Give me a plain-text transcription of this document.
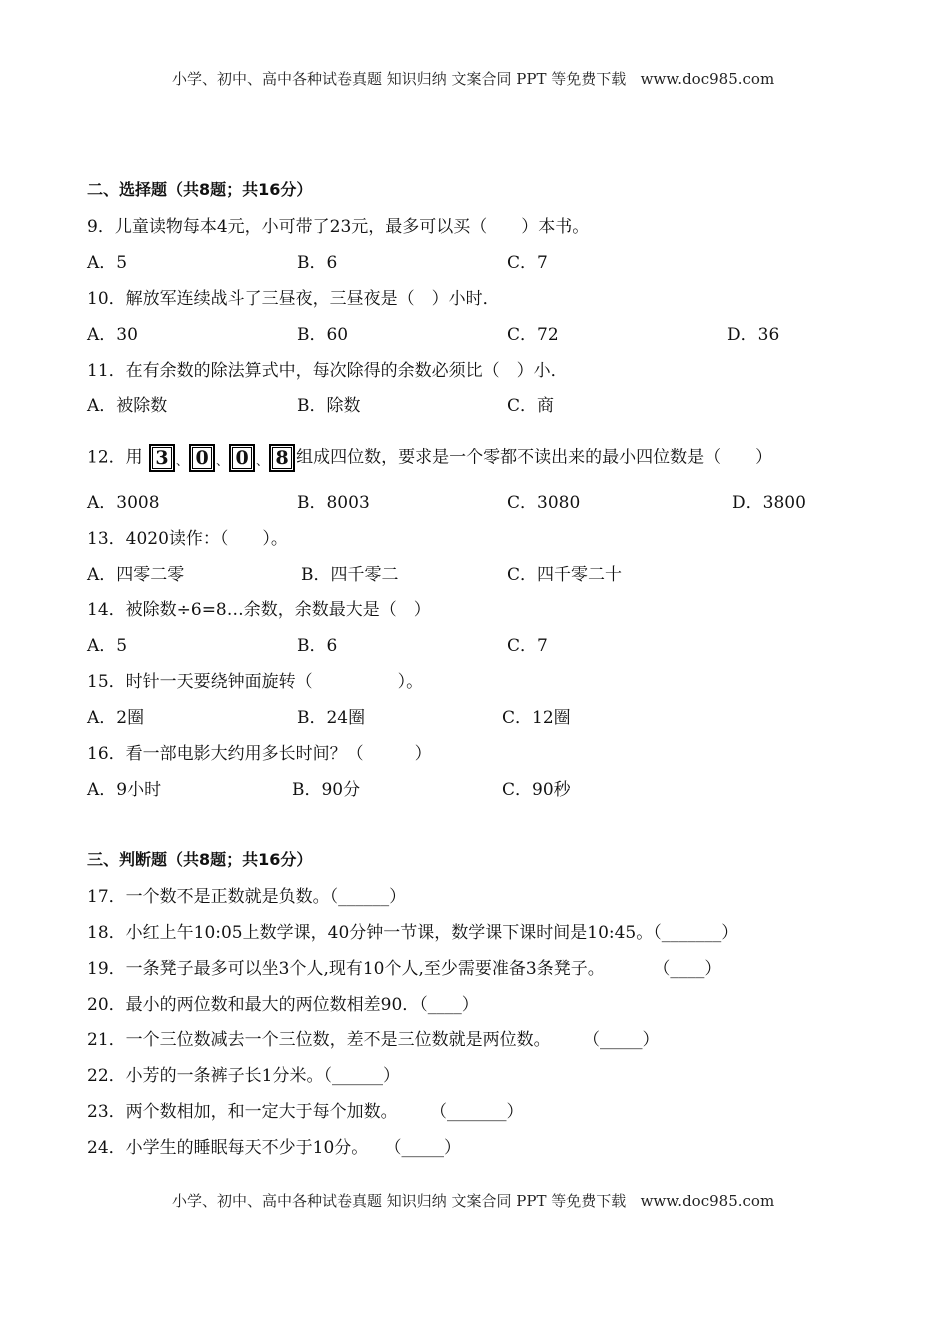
小学、初中、高中各种试卷真题 知识归纳 文案合同 PPT 等免费下载   www.doc985.com
二、选择题（共8题；共16分）
三、判断题（共8题；共16分）
小学、初中、高中各种试卷真题 知识归纳 文案合同 PPT 等免费下载   www.doc985.com
9．儿童读物每本4元，小可带了23元，最多可以买（　　）本书。
A．5	B．6	C．7
10．解放军连续战斗了三昼夜，三昼夜是（　）小时．
A．30	B．60	C．72	D．36
11．在有余数的除法算式中，每次除得的余数必须比（　）小．
A．被除数	B．除数	C．商
12．用 3 、 0 、 0 、 8 组成四位数，要求是一个零都不读出来的最小四位数是（　　）
A．3008	B．8003	C．3080	D．3800
13．4020读作：（　　）。
A．四零二零	B．四千零二	C．四千零二十
14．被除数÷6=8…余数，余数最大是（　）
A．5	B．6	C．7
15．时针一天要绕钟面旋转（　　　　　）。
A．2圈	B．24圈	C．12圈
16．看一部电影大约用多长时间？（　　　）
A．9小时	B．90分	C．90秒
17．一个数不是正数就是负数。（______）
18．小红上午10:05上数学课，40分钟一节课，数学课下课时间是10:45。（_______）
19．一条凳子最多可以坐3个人,现有10个人,至少需要准备3条凳子。         （____）
20．最小的两位数和最大的两位数相差90．（____）
21．一个三位数减去一个三位数，差不是三位数就是两位数。      （_____）
22．小芳的一条裤子长1分米。（______）
23．两个数相加，和一定大于每个加数。      （_______）
24．小学生的睡眠每天不少于10分。   （_____）
